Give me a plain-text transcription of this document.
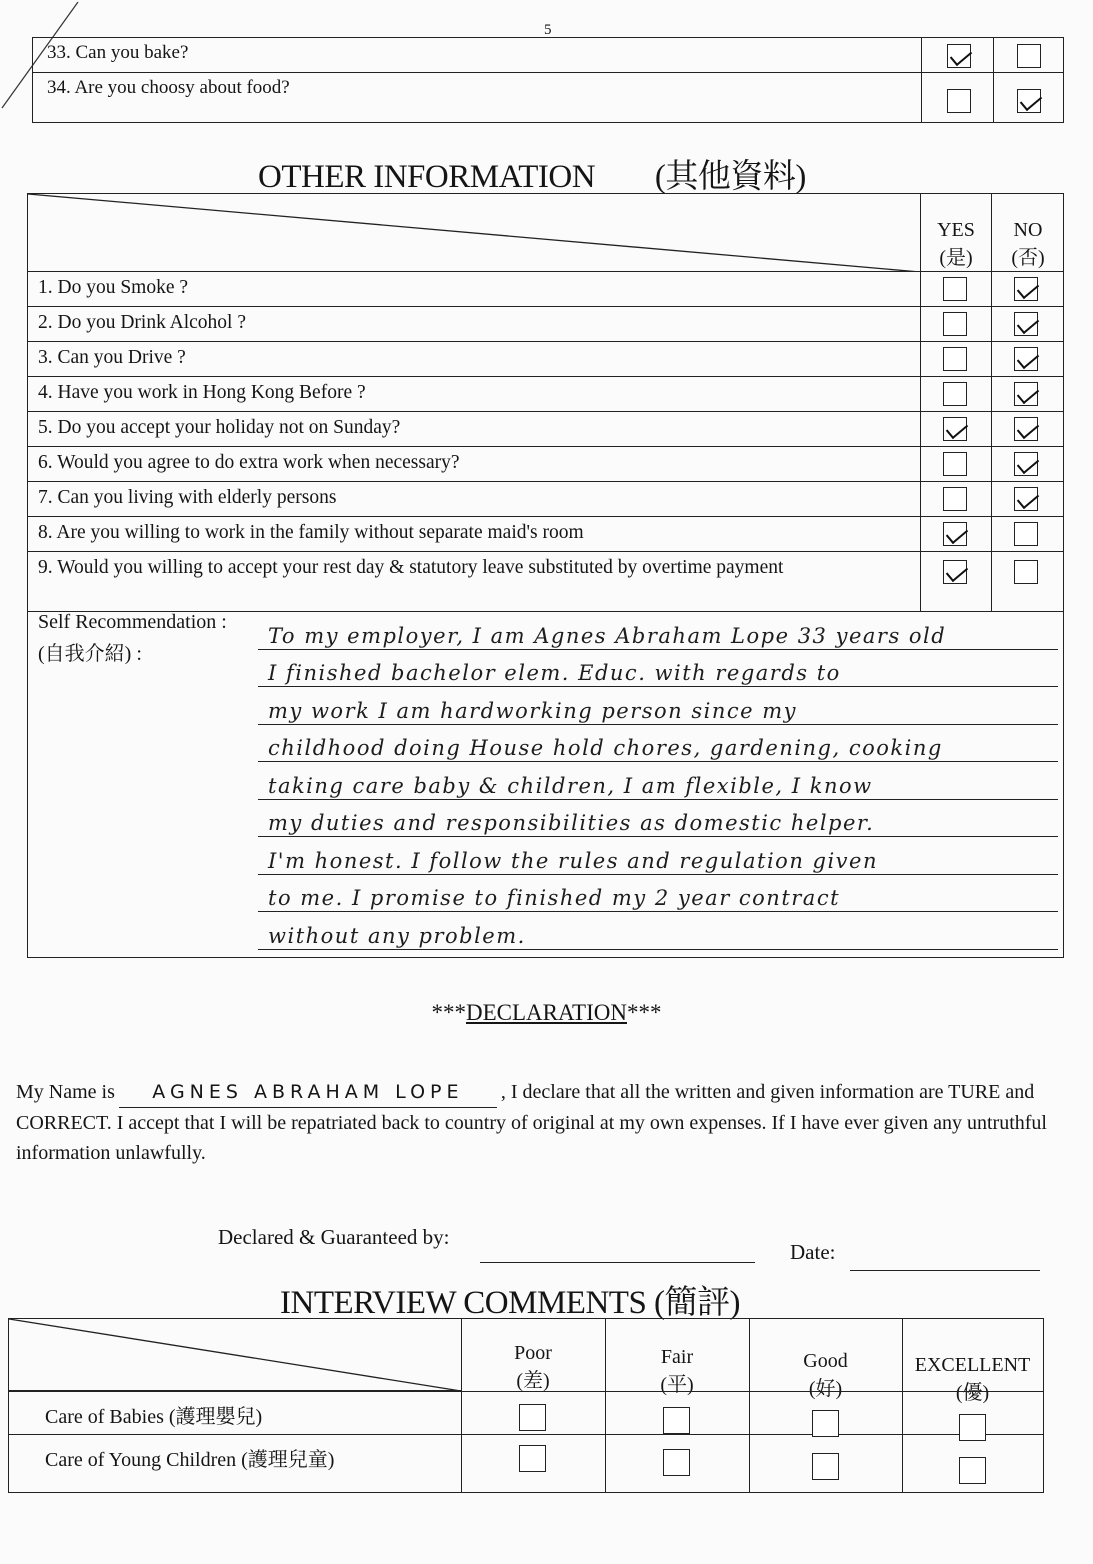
5
33. Can you bake?
34. Are you choosy about food?
OTHER INFORMATION (其他資料)
YES
(是)
NO
(否)
1. Do you Smoke ?
2. Do you Drink Alcohol ?
3. Can you Drive ?
4. Have you work in Hong Kong Before ?
5. Do you accept your holiday not on Sunday?
6. Would you agree to do extra work when necessary?
7. Can you living with elderly persons
8. Are you willing to work in the family without separate maid's room
9. Would you willing to accept your rest day & statutory leave substituted by overtime payment
Self Recommendation :
(自我介紹) :
To my employer, I am Agnes Abraham Lope 33 years old
I finished bachelor elem. Educ. with regards to
my work I am hardworking person since my
childhood doing House hold chores, gardening, cooking
taking care baby & children, I am flexible, I know
my duties and responsibilities as domestic helper.
I'm honest. I follow the rules and regulation given
to me. I promise to finished my 2 year contract
without any problem.
***DECLARATION***
My Name is AGNES ABRAHAM LOPE , I declare that all the written and given information are TURE and CORRECT. I accept that I will be repatriated back to country of original at my own expenses. If I have ever given any untruthful information unlawfully.
Declared & Guaranteed by:
Date:
INTERVIEW COMMENTS (簡評)
Poor
(差)
Fair
(平)
Good
(好)
EXCELLENT
(優)
Care of Babies (護理嬰兒)
Care of Young Children (護理兒童)
